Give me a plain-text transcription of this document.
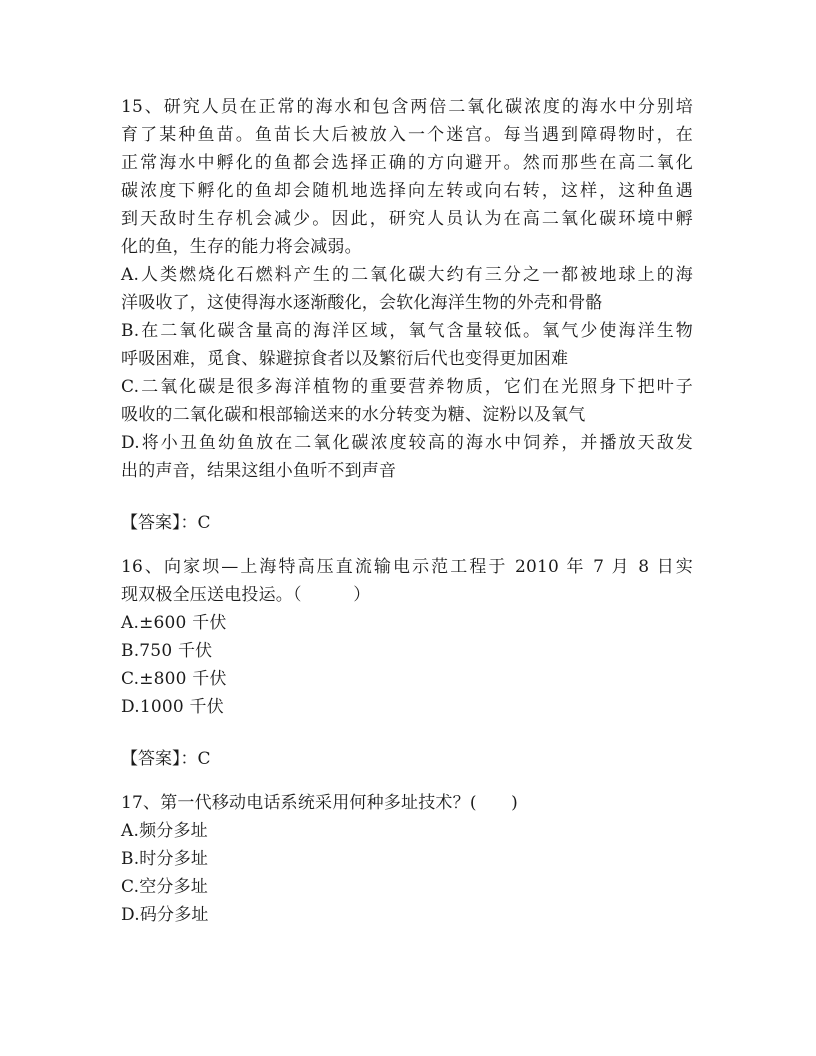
15、研究人员在正常的海水和包含两倍二氧化碳浓度的海水中分别培
育了某种鱼苗。鱼苗长大后被放入一个迷宫。每当遇到障碍物时，在
正常海水中孵化的鱼都会选择正确的方向避开。然而那些在高二氧化
碳浓度下孵化的鱼却会随机地选择向左转或向右转，这样，这种鱼遇
到天敌时生存机会减少。因此，研究人员认为在高二氧化碳环境中孵
化的鱼，生存的能力将会减弱。
A.人类燃烧化石燃料产生的二氧化碳大约有三分之一都被地球上的海
洋吸收了，这使得海水逐渐酸化，会软化海洋生物的外壳和骨骼
B.在二氧化碳含量高的海洋区域，氧气含量较低。氧气少使海洋生物
呼吸困难，觅食、躲避掠食者以及繁衍后代也变得更加困难
C.二氧化碳是很多海洋植物的重要营养物质，它们在光照身下把叶子
吸收的二氧化碳和根部输送来的水分转变为糖、淀粉以及氧气
D.将小丑鱼幼鱼放在二氧化碳浓度较高的海水中饲养，并播放天敌发
出的声音，结果这组小鱼听不到声音
【答案】：C
16、向家坝—上海特高压直流输电示范工程于 2010 年 7 月 8 日实
现双极全压送电投运。（　　　）
A.±600 千伏
B.750 千伏
C.±800 千伏
D.1000 千伏
【答案】：C
17、第一代移动电话系统采用何种多址技术？(　　)
A.频分多址
B.时分多址
C.空分多址
D.码分多址
